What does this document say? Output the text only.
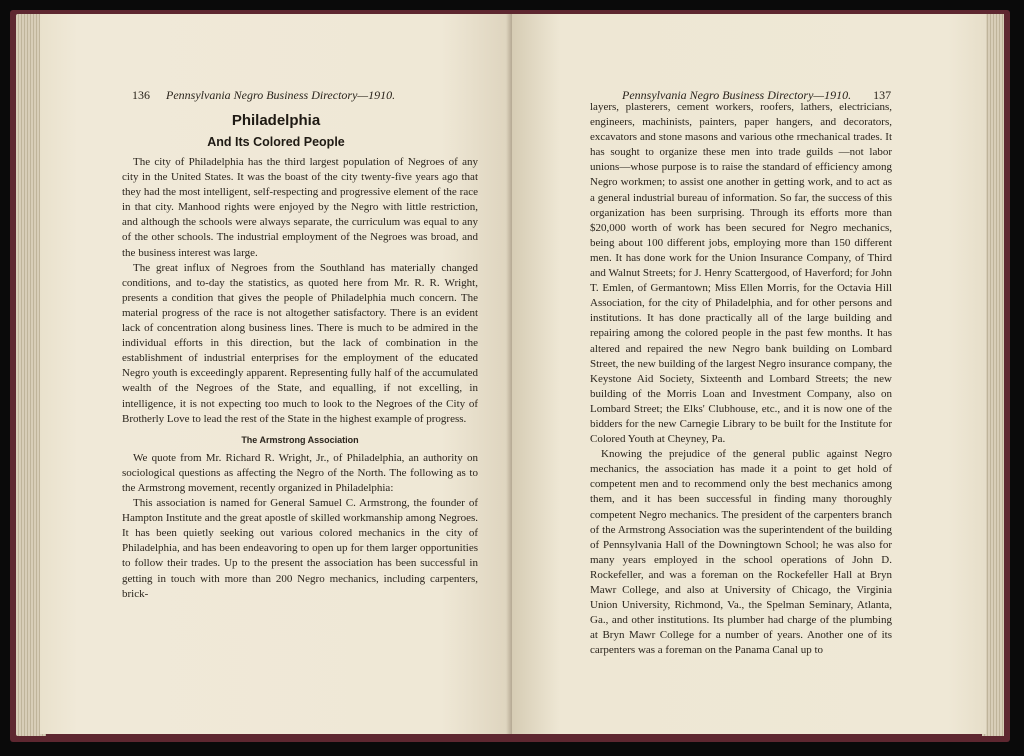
136 Pennsylvania Negro Business Directory—1910.
Philadelphia
And Its Colored People

The city of Philadelphia has the third largest population of Negroes of any city in the United States. It was the boast of the city twenty-five years ago that they had the most intelligent, self-respecting and progressive element of the race in that city. Manhood rights were enjoyed by the Negro with little restriction, and although the schools were always separate, the curriculum was equal to any of the other schools. The industrial employment of the Negroes was broad, and the business interest was large.

The great influx of Negroes from the Southland has materially changed conditions, and to-day the statistics, as quoted here from Mr. R. R. Wright, presents a condition that gives the people of Philadelphia much concern. The material progress of the race is not altogether satisfactory. There is an evident lack of concentration along business lines. There is much to be admired in the individual efforts in this direction, but the lack of combination in the establishment of industrial enterprises for the employment of the educated Negro youth is exceedingly apparent. Representing fully half of the accumulated wealth of the Negroes of the State, and equalling, if not excelling, in intelligence, it is not expecting too much to look to the Negroes of the City of Brotherly Love to lead the rest of the State in the highest example of progress.

The Armstrong Association

We quote from Mr. Richard R. Wright, Jr., of Philadelphia, an authority on sociological questions as affecting the Negro of the North. The following as to the Armstrong movement, recently organized in Philadelphia:

This association is named for General Samuel C. Armstrong, the founder of Hampton Institute and the great apostle of skilled workmanship among Negroes. It has been quietly seeking out various colored mechanics in the city of Philadelphia, and has been endeavoring to open up for them larger opportunities to follow their trades. Up to the present the association has been successful in getting in touch with more than 200 Negro mechanics, including carpenters, brick-

Pennsylvania Negro Business Directory—1910. 137

layers, plasterers, cement workers, roofers, lathers, electricians, engineers, machinists, painters, paper hangers, and decorators, excavators and stone masons and various othe rmechanical trades. It has sought to organize these men into trade guilds —not labor unions—whose purpose is to raise the standard of efficiency among Negro workmen; to assist one another in getting work, and to act as a general industrial bureau of information. So far, the success of this organization has been surprising. Through its efforts more than $20,000 worth of work has been secured for Negro mechanics, being about 100 different jobs, employing more than 150 different men. It has done work for the Union Insurance Company, of Third and Walnut Streets; for J. Henry Scattergood, of Haverford; for John T. Emlen, of Germantown; Miss Ellen Morris, for the Octavia Hill Association, for the city of Philadelphia, and for other persons and institutions. It has done practically all of the large building and repairing among the colored people in the past few months. It has altered and repaired the new Negro bank building on Lombard Street, the new building of the largest Negro insurance company, the Keystone Aid Society, Sixteenth and Lombard Streets; the new building of the Morris Loan and Investment Company, also on Lombard Street; the Elks' Clubhouse, etc., and it is now one of the bidders for the new Carnegie Library to be built for the Institute for Colored Youth at Cheyney, Pa.

Knowing the prejudice of the general public against Negro mechanics, the association has made it a point to get hold of competent men and to recommend only the best mechanics among them, and it has been successful in finding many thoroughly competent Negro mechanics. The president of the carpenters branch of the Armstrong Association was the superintendent of the building of Pennsylvania Hall of the Downingtown School; he was also for many years employed in the school operations of John D. Rockefeller, and was a foreman on the Rockefeller Hall at Bryn Mawr College, and also at University of Chicago, the Virginia Union University, Richmond, Va., the Spelman Seminary, Atlanta, Ga., and other institutions. Its plumber had charge of the plumbing at Bryn Mawr College for a number of years. Another one of its carpenters was a foreman on the Panama Canal up to
